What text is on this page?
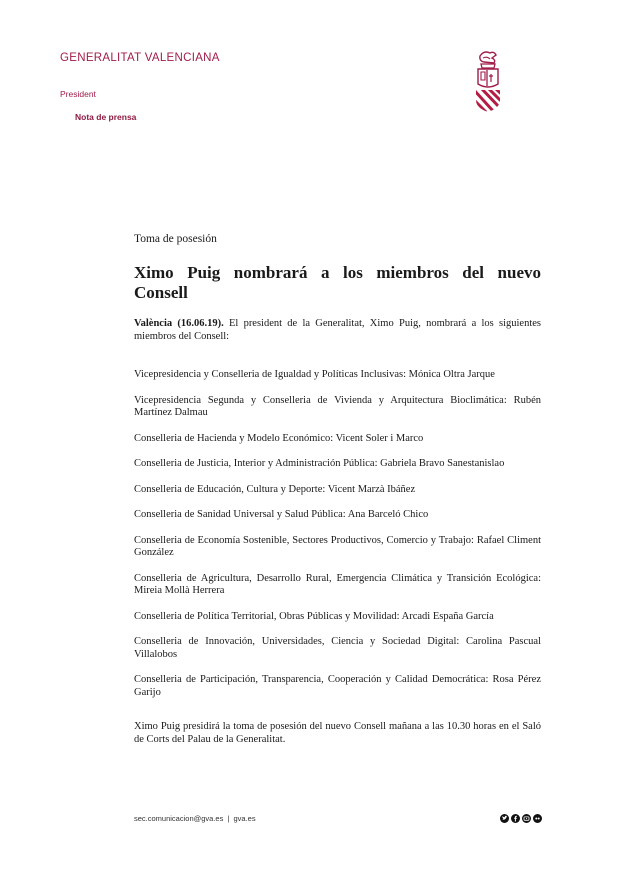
GENERALITAT VALENCIANA
President
Nota de prensa

Toma de posesión

Ximo Puig nombrará a los miembros del nuevo Consell

València (16.06.19). El president de la Generalitat, Ximo Puig, nombrará a los siguientes miembros del Consell:

Vicepresidencia y Conselleria de Igualdad y Políticas Inclusivas: Mónica Oltra Jarque
Vicepresidencia Segunda y Conselleria de Vivienda y Arquitectura Bioclimática: Rubén Martínez Dalmau
Conselleria de Hacienda y Modelo Económico: Vicent Soler i Marco
Conselleria de Justicia, Interior y Administración Pública: Gabriela Bravo Sanestanislao
Conselleria de Educación, Cultura y Deporte: Vicent Marzà Ibáñez
Conselleria de Sanidad Universal y Salud Pública: Ana Barceló Chico
Conselleria de Economía Sostenible, Sectores Productivos, Comercio y Trabajo: Rafael Climent González
Conselleria de Agricultura, Desarrollo Rural, Emergencia Climática y Transición Ecológica: Mireia Mollà Herrera
Conselleria de Política Territorial, Obras Públicas y Movilidad: Arcadi España García
Conselleria de Innovación, Universidades, Ciencia y Sociedad Digital: Carolina Pascual Villalobos
Conselleria de Participación, Transparencia, Cooperación y Calidad Democrática: Rosa Pérez Garijo

Ximo Puig presidirá la toma de posesión del nuevo Consell mañana a las 10.30 horas en el Saló de Corts del Palau de la Generalitat.

sec.comunicacion@gva.es | gva.es
